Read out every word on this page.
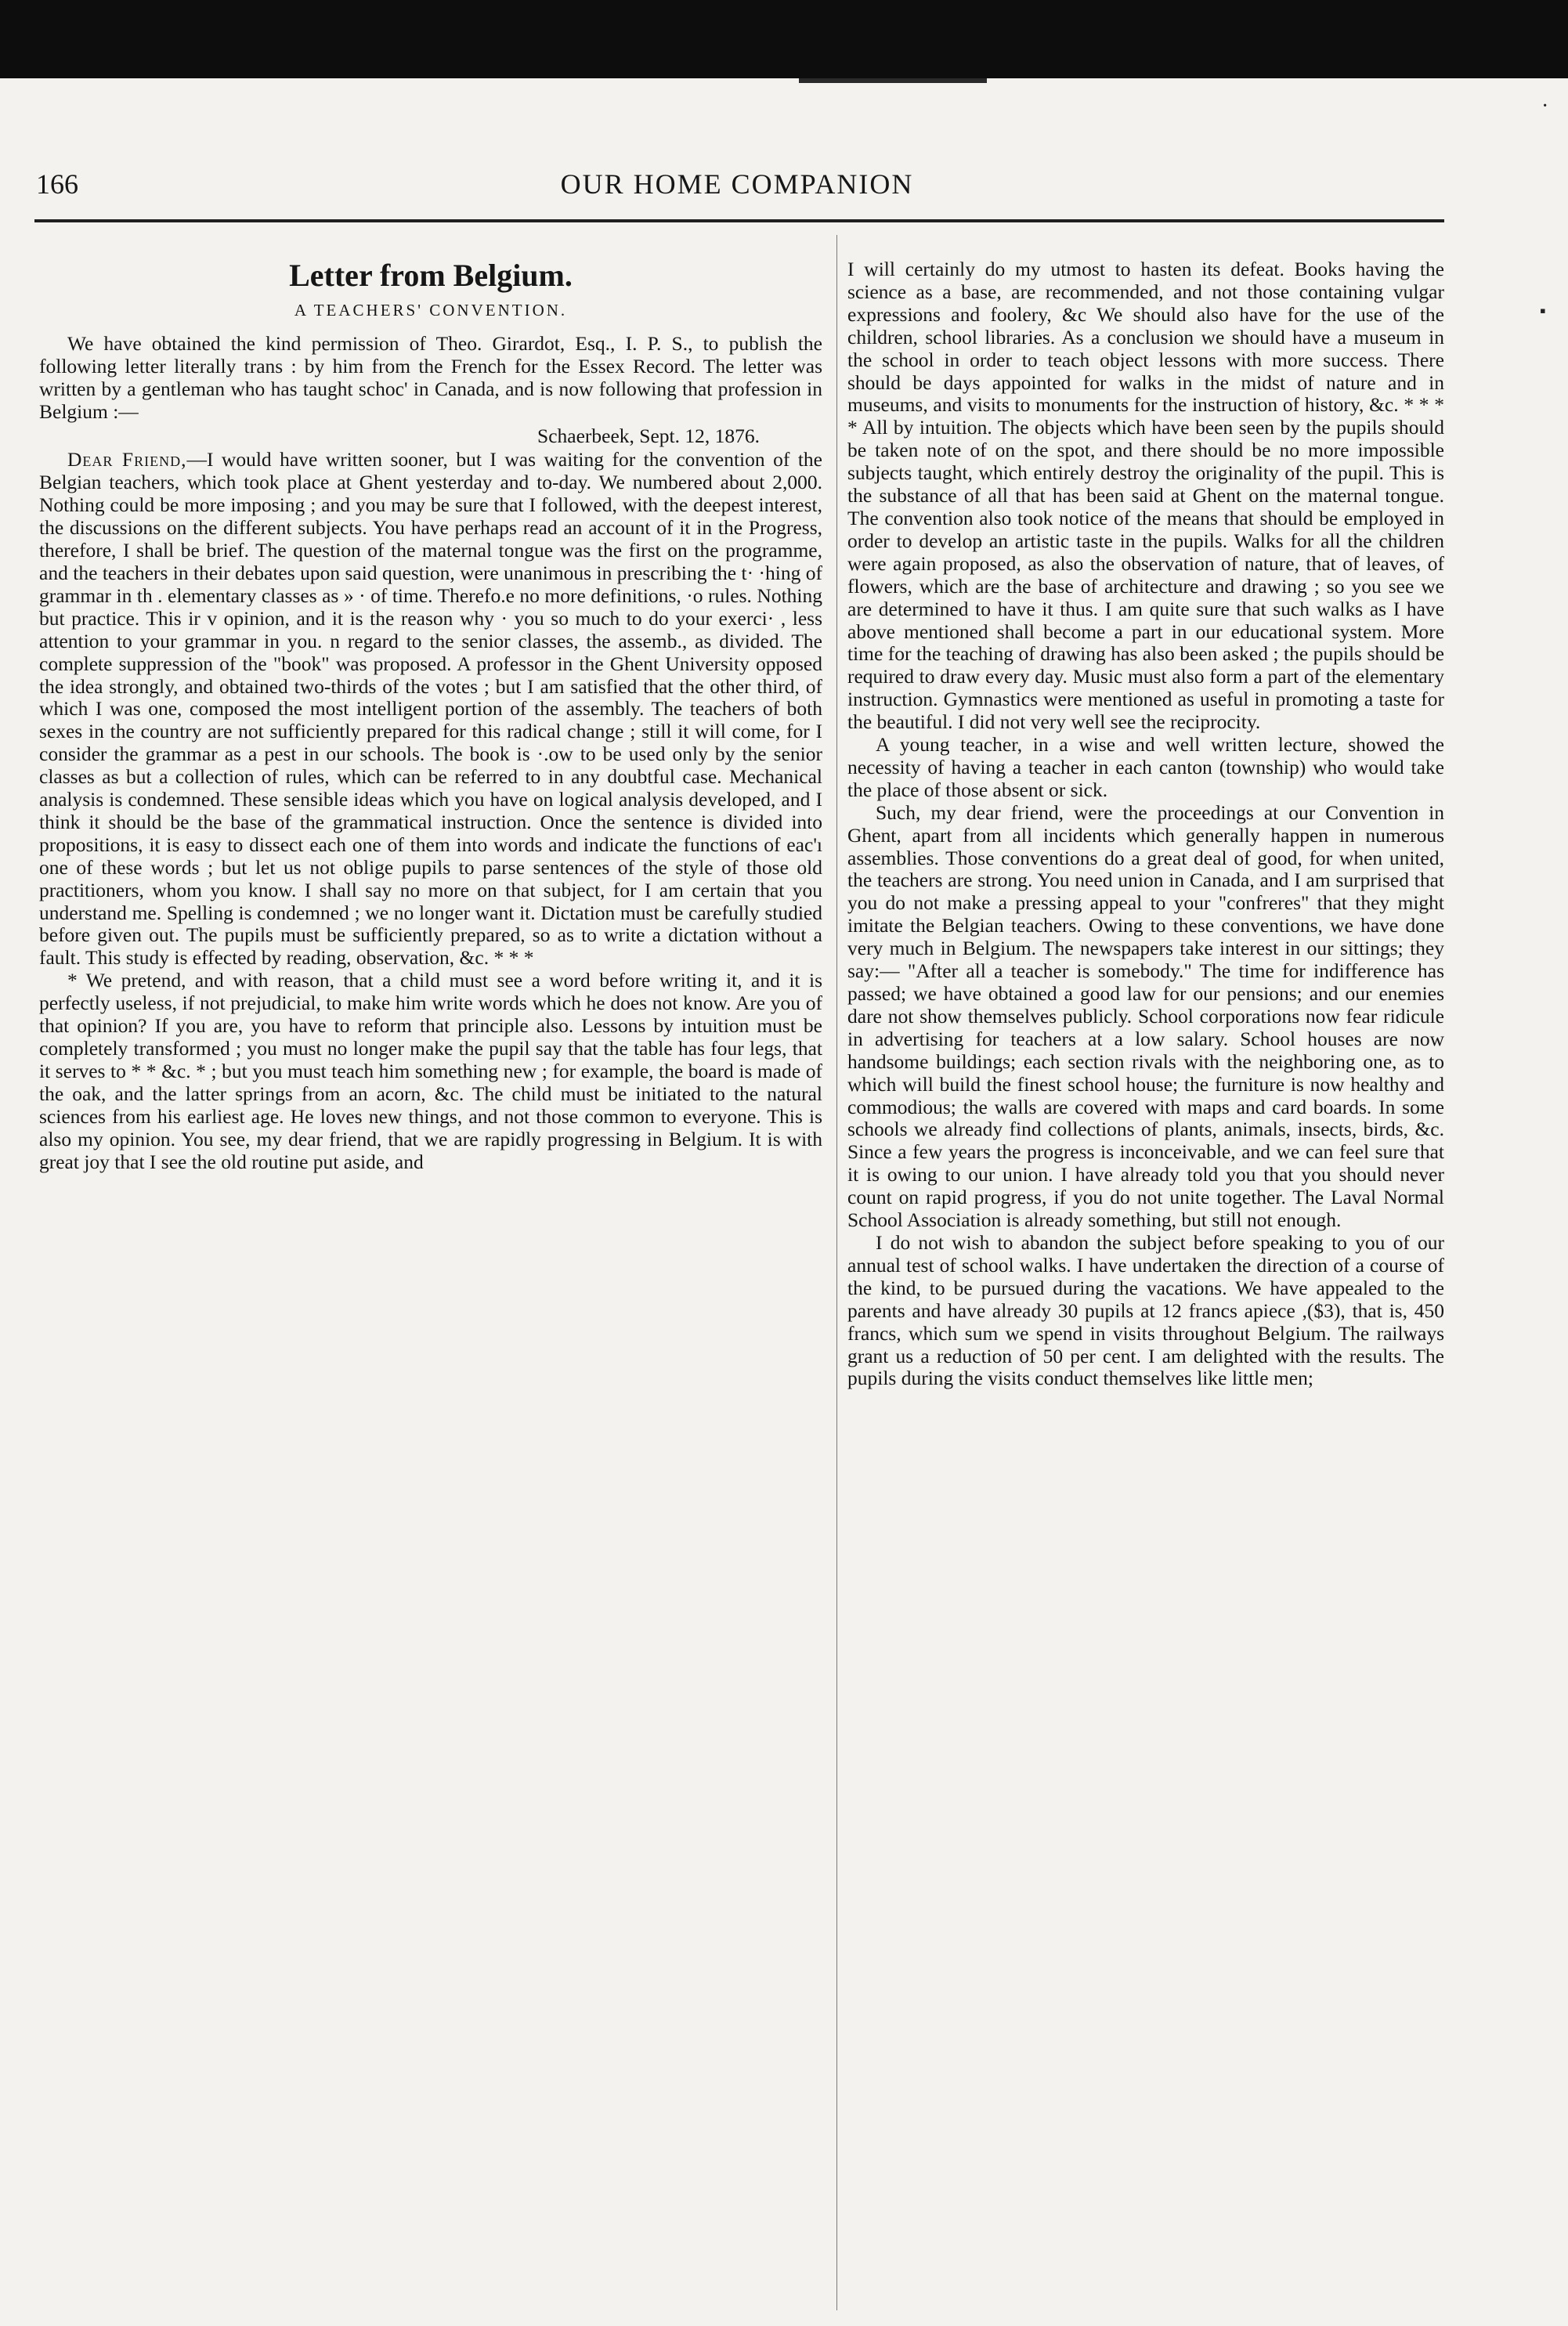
166	OUR HOME COMPANION
·
▪

Letter from Belgium.

A TEACHERS' CONVENTION.

We have obtained the kind permission of Theo. Girardot, Esq., I. P. S., to publish the following letter literally trans : by him from the French for the Essex Record. The letter was written by a gentleman who has taught schoc' in Canada, and is now following that profession in Belgium :—

Schaerbeek, Sept. 12, 1876.

Dear Friend,—I would have written sooner, but I was waiting for the convention of the Belgian teachers, which took place at Ghent yesterday and to-day. We numbered about 2,000. Nothing could be more imposing ; and you may be sure that I followed, with the deepest interest, the discussions on the different subjects. You have perhaps read an account of it in the Progress, therefore, I shall be brief. The question of the maternal tongue was the first on the programme, and the teachers in their debates upon said question, were unanimous in prescribing the t· ·hing of grammar in th . elementary classes as » · of time. Therefo.e no more definitions, ·o rules. Nothing but practice. This ir v opinion, and it is the reason why · you so much to do your exerci· , less attention to your grammar in you. n regard to the senior classes, the assemb., as divided. The complete suppression of the "book" was proposed. A professor in the Ghent University opposed the idea strongly, and obtained two-thirds of the votes ; but I am satisfied that the other third, of which I was one, composed the most intelligent portion of the assembly. The teachers of both sexes in the country are not sufficiently prepared for this radical change ; still it will come, for I consider the grammar as a pest in our schools. The book is ·.ow to be used only by the senior classes as but a collection of rules, which can be referred to in any doubtful case. Mechanical analysis is condemned. These sensible ideas which you have on logical analysis developed, and I think it should be the base of the grammatical instruction. Once the sentence is divided into propositions, it is easy to dissect each one of them into words and indicate the functions of eac'ı one of these words ; but let us not oblige pupils to parse sentences of the style of those old practitioners, whom you know. I shall say no more on that subject, for I am certain that you understand me. Spelling is condemned ; we no longer want it. Dictation must be carefully studied before given out. The pupils must be sufficiently prepared, so as to write a dictation without a fault. This study is effected by reading, observation, &c. * * *

* We pretend, and with reason, that a child must see a word before writing it, and it is perfectly useless, if not prejudicial, to make him write words which he does not know. Are you of that opinion? If you are, you have to reform that principle also. Lessons by intuition must be completely transformed ; you must no longer make the pupil say that the table has four legs, that it serves to * * &c. * ; but you must teach him something new ; for example, the board is made of the oak, and the latter springs from an acorn, &c. The child must be initiated to the natural sciences from his earliest age. He loves new things, and not those common to everyone. This is also my opinion. You see, my dear friend, that we are rapidly progressing in Belgium. It is with great joy that I see the old routine put aside, and

I will certainly do my utmost to hasten its defeat. Books having the science as a base, are recommended, and not those containing vulgar expressions and foolery, &c We should also have for the use of the children, school libraries. As a conclusion we should have a museum in the school in order to teach object lessons with more success. There should be days appointed for walks in the midst of nature and in museums, and visits to monuments for the instruction of history, &c. * * * * All by intuition. The objects which have been seen by the pupils should be taken note of on the spot, and there should be no more impossible subjects taught, which entirely destroy the originality of the pupil. This is the substance of all that has been said at Ghent on the maternal tongue. The convention also took notice of the means that should be employed in order to develop an artistic taste in the pupils. Walks for all the children were again proposed, as also the observation of nature, that of leaves, of flowers, which are the base of architecture and drawing ; so you see we are determined to have it thus. I am quite sure that such walks as I have above mentioned shall become a part in our educational system. More time for the teaching of drawing has also been asked ; the pupils should be required to draw every day. Music must also form a part of the elementary instruction. Gymnastics were mentioned as useful in promoting a taste for the beautiful. I did not very well see the reciprocity.

A young teacher, in a wise and well written lecture, showed the necessity of having a teacher in each canton (township) who would take the place of those absent or sick.

Such, my dear friend, were the proceedings at our Convention in Ghent, apart from all incidents which generally happen in numerous assemblies. Those conventions do a great deal of good, for when united, the teachers are strong. You need union in Canada, and I am surprised that you do not make a pressing appeal to your "confreres" that they might imitate the Belgian teachers. Owing to these conventions, we have done very much in Belgium. The newspapers take interest in our sittings; they say:— "After all a teacher is somebody." The time for indifference has passed; we have obtained a good law for our pensions; and our enemies dare not show themselves publicly. School corporations now fear ridicule in advertising for teachers at a low salary. School houses are now handsome buildings; each section rivals with the neighboring one, as to which will build the finest school house; the furniture is now healthy and commodious; the walls are covered with maps and card boards. In some schools we already find collections of plants, animals, insects, birds, &c. Since a few years the progress is inconceivable, and we can feel sure that it is owing to our union. I have already told you that you should never count on rapid progress, if you do not unite together. The Laval Normal School Association is already something, but still not enough.

I do not wish to abandon the subject before speaking to you of our annual test of school walks. I have undertaken the direction of a course of the kind, to be pursued during the vacations. We have appealed to the parents and have already 30 pupils at 12 francs apiece ,($3), that is, 450 francs, which sum we spend in visits throughout Belgium. The railways grant us a reduction of 50 per cent. I am delighted with the results. The pupils during the visits conduct themselves like little men;
